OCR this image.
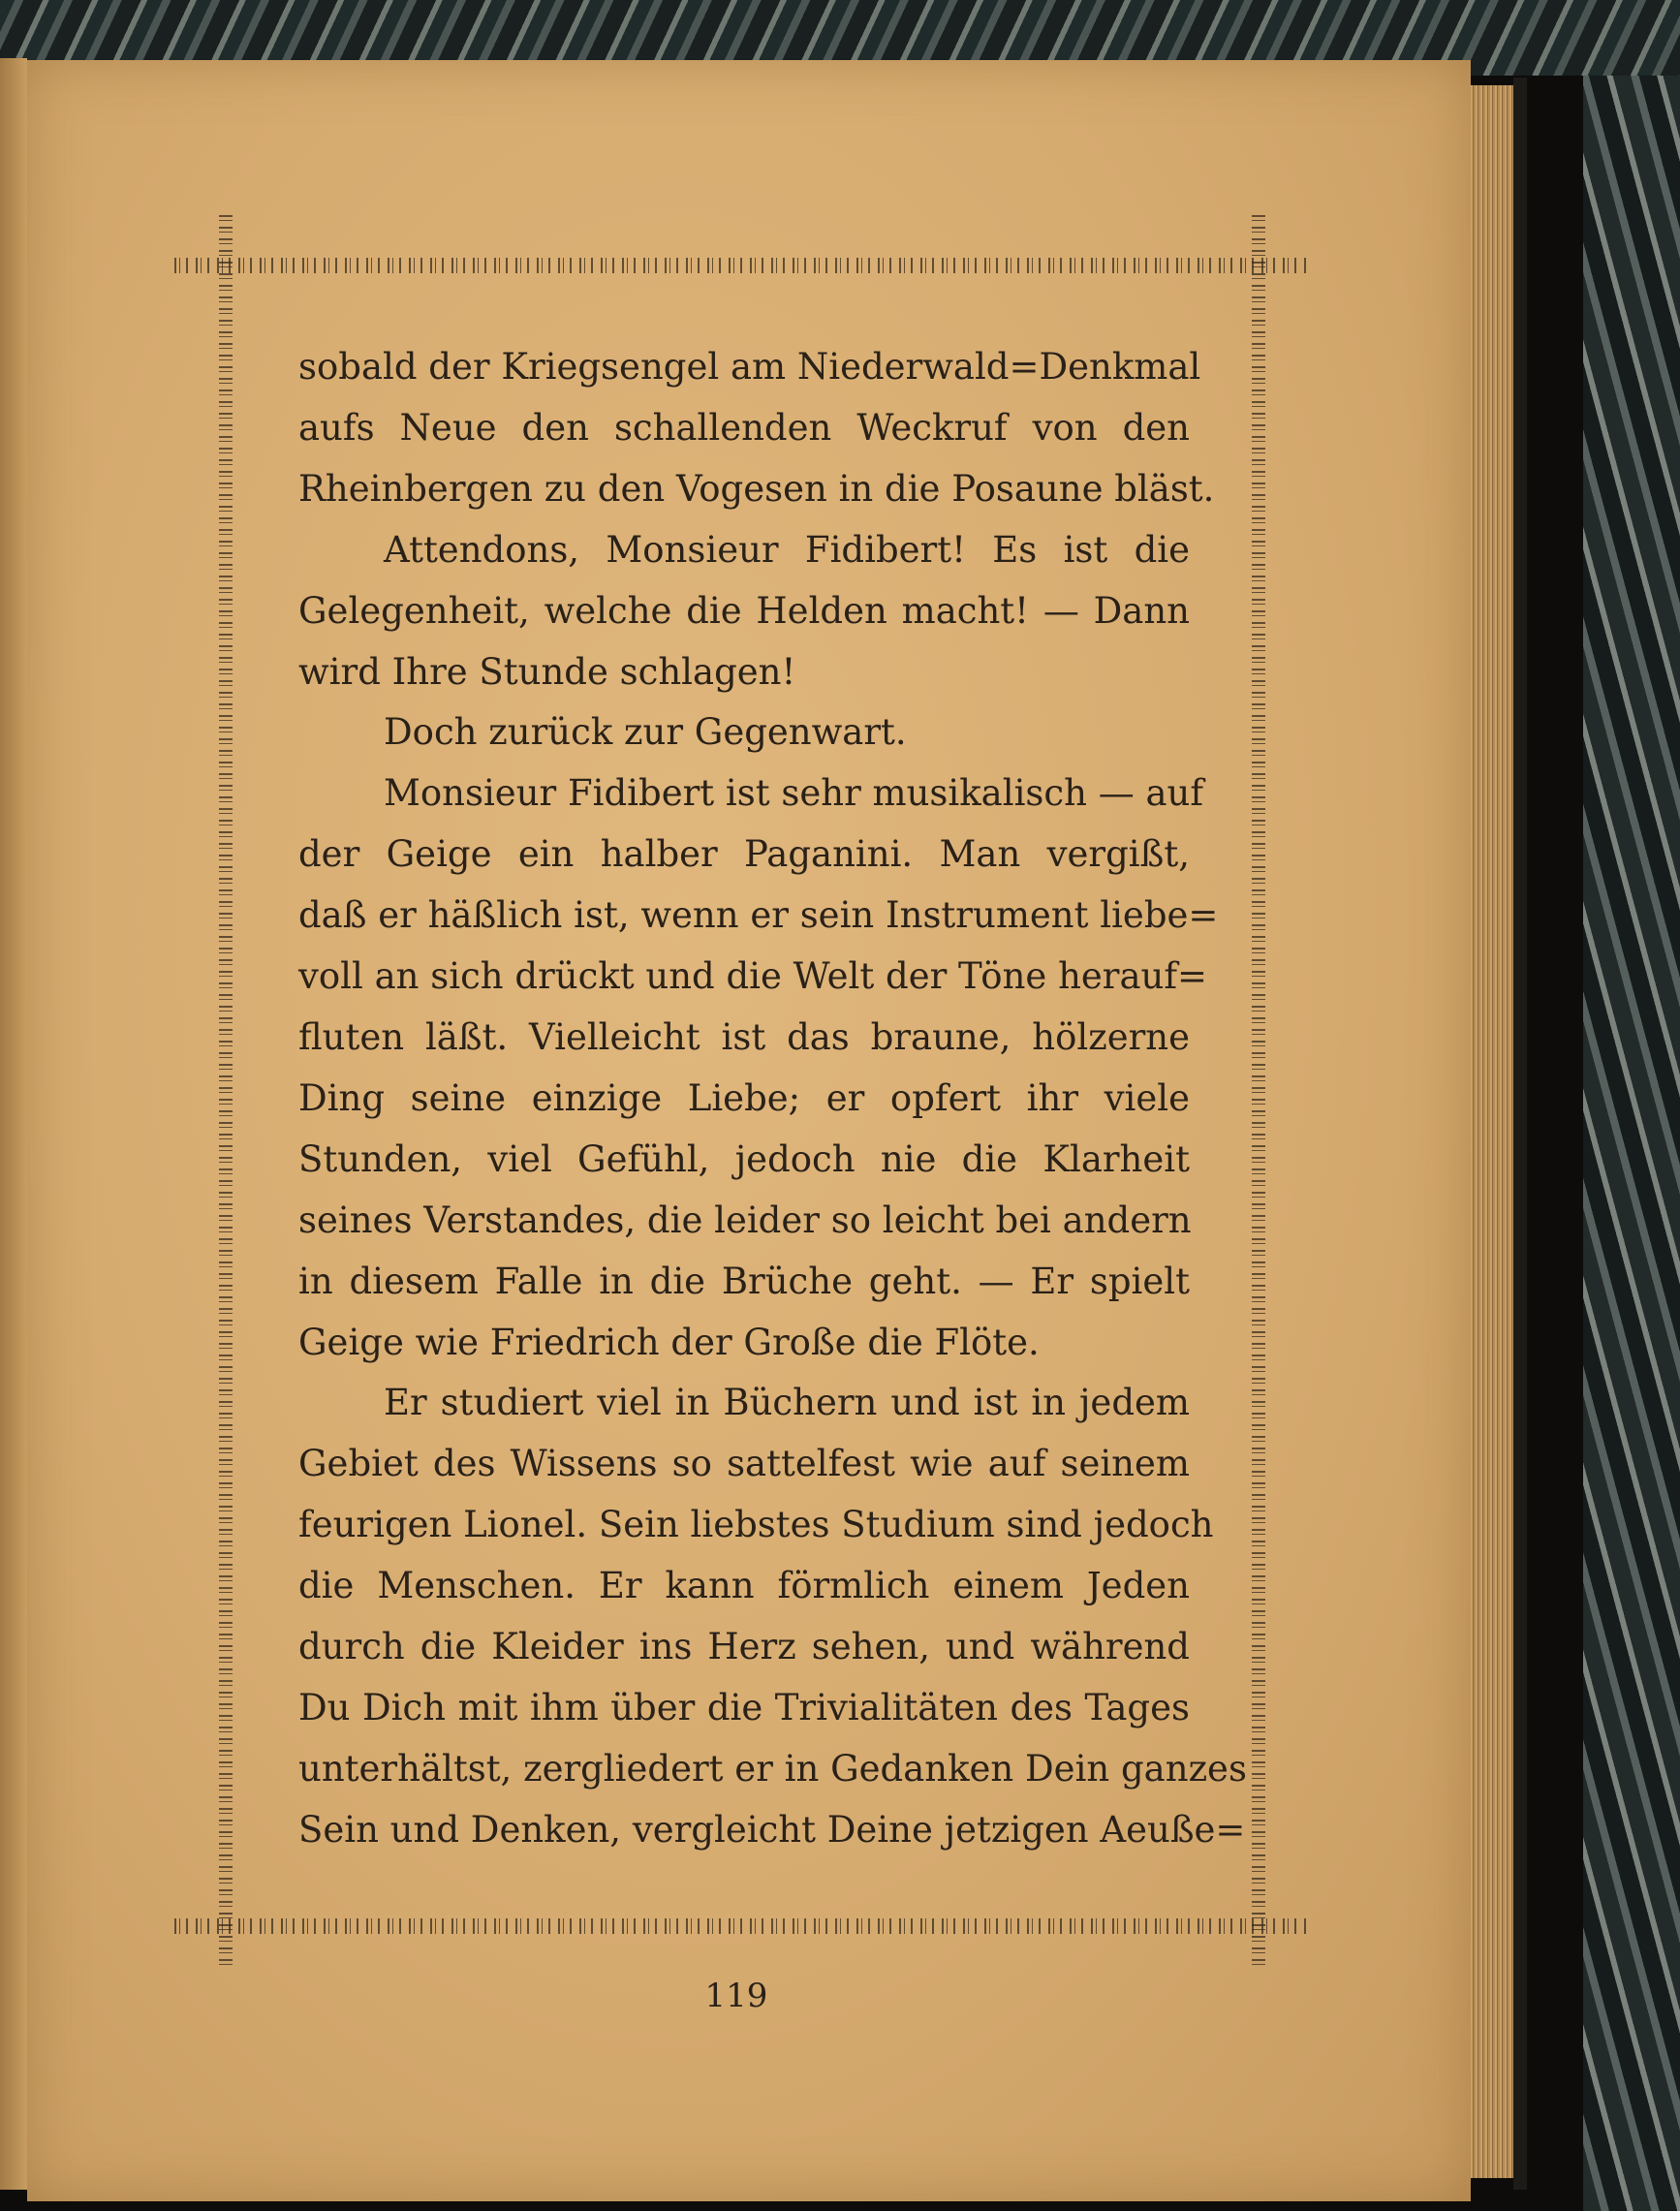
sobald der Kriegsengel am Niederwald=Denkmal
aufs Neue den schallenden Weckruf von den
Rheinbergen zu den Vogesen in die Posaune bläst.
Attendons, Monsieur Fidibert! Es ist die
Gelegenheit, welche die Helden macht! — Dann
wird Ihre Stunde schlagen!
Doch zurück zur Gegenwart.
Monsieur Fidibert ist sehr musikalisch — auf
der Geige ein halber Paganini. Man vergißt,
daß er häßlich ist, wenn er sein Instrument liebe=
voll an sich drückt und die Welt der Töne herauf=
fluten läßt. Vielleicht ist das braune, hölzerne
Ding seine einzige Liebe; er opfert ihr viele
Stunden, viel Gefühl, jedoch nie die Klarheit
seines Verstandes, die leider so leicht bei andern
in diesem Falle in die Brüche geht. — Er spielt
Geige wie Friedrich der Große die Flöte.
Er studiert viel in Büchern und ist in jedem
Gebiet des Wissens so sattelfest wie auf seinem
feurigen Lionel. Sein liebstes Studium sind jedoch
die Menschen. Er kann förmlich einem Jeden
durch die Kleider ins Herz sehen, und während
Du Dich mit ihm über die Trivialitäten des Tages
unterhältst, zergliedert er in Gedanken Dein ganzes
Sein und Denken, vergleicht Deine jetzigen Aeuße=
119
